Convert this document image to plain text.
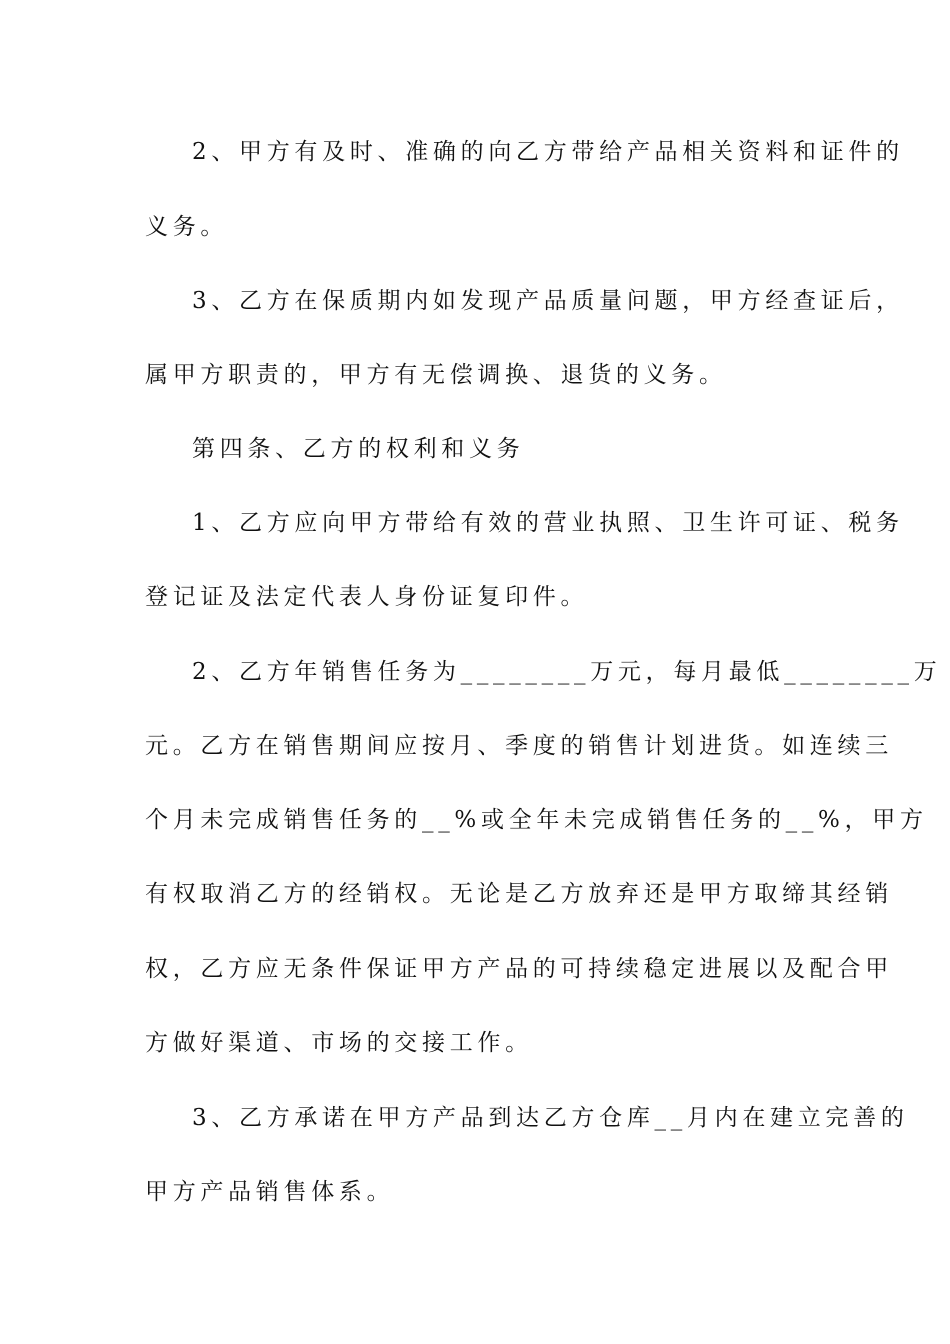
2、甲方有及时、准确的向乙方带给产品相关资料和证件的
义务。
3、乙方在保质期内如发现产品质量问题，甲方经查证后，
属甲方职责的，甲方有无偿调换、退货的义务。
第四条、乙方的权利和义务
1、乙方应向甲方带给有效的营业执照、卫生许可证、税务
登记证及法定代表人身份证复印件。
2、乙方年销售任务为________万元，每月最低________万
元。乙方在销售期间应按月、季度的销售计划进货。如连续三
个月未完成销售任务的__%或全年未完成销售任务的__%，甲方
有权取消乙方的经销权。无论是乙方放弃还是甲方取缔其经销
权，乙方应无条件保证甲方产品的可持续稳定进展以及配合甲
方做好渠道、市场的交接工作。
3、乙方承诺在甲方产品到达乙方仓库__月内在建立完善的
甲方产品销售体系。
